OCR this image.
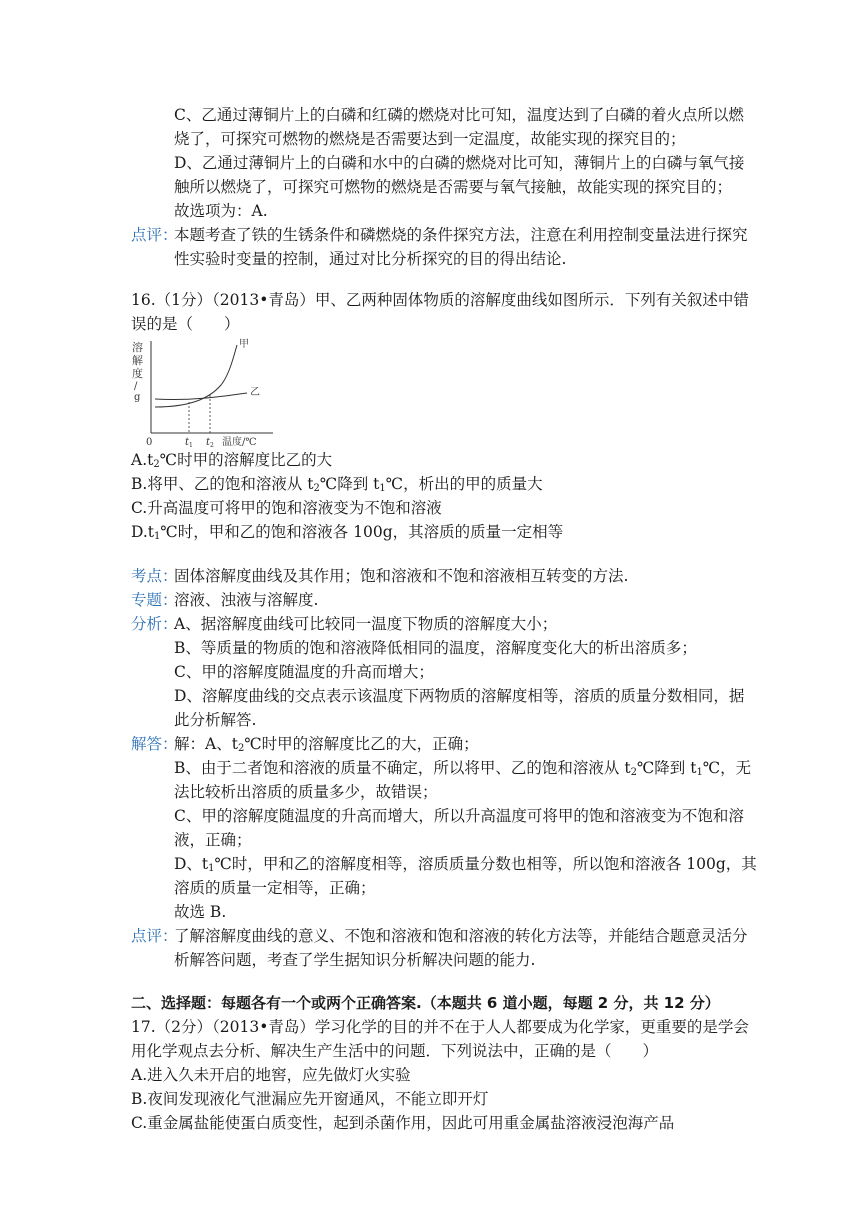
C、乙通过薄铜片上的白磷和红磷的燃烧对比可知，温度达到了白磷的着火点所以燃
烧了，可探究可燃物的燃烧是否需要达到一定温度，故能实现的探究目的；
D、乙通过薄铜片上的白磷和水中的白磷的燃烧对比可知，薄铜片上的白磷与氧气接
触所以燃烧了，可探究可燃物的燃烧是否需要与氧气接触，故能实现的探究目的；
故选项为：A.
点评：
本题考查了铁的生锈条件和磷燃烧的条件探究方法，注意在利用控制变量法进行探究
性实验时变量的控制，通过对比分析探究的目的得出结论.
16.（1分）（2013•青岛）甲、乙两种固体物质的溶解度曲线如图所示．下列有关叙述中错
误的是（　　）
溶
解
度
/
g
甲
乙
0	t 1 t 2 温度/℃
$A.t_2℃$时甲的溶解度比乙的大
B.将甲、乙的饱和溶液从 $t_2℃$降到 $t_1℃$，析出的甲的质量大
C.升高温度可将甲的饱和溶液变为不饱和溶液
$D.t_1℃$时，甲和乙的饱和溶液各 100g，其溶质的质量一定相等
考点：
固体溶解度曲线及其作用；饱和溶液和不饱和溶液相互转变的方法.
专题：
溶液、浊液与溶解度.
分析：
A、据溶解度曲线可比较同一温度下物质的溶解度大小；
B、等质量的物质的饱和溶液降低相同的温度，溶解度变化大的析出溶质多；
C、甲的溶解度随温度的升高而增大；
D、溶解度曲线的交点表示该温度下两物质的溶解度相等，溶质的质量分数相同，据
此分析解答.
解答：
解：A、$t_2℃$时甲的溶解度比乙的大，正确；
B、由于二者饱和溶液的质量不确定，所以将甲、乙的饱和溶液从 $t_2℃$降到 $t_1℃$，无
法比较析出溶质的质量多少，故错误；
C、甲的溶解度随温度的升高而增大，所以升高温度可将甲的饱和溶液变为不饱和溶
液，正确；
D、$t_1℃$时，甲和乙的溶解度相等，溶质质量分数也相等，所以饱和溶液各 100g，其
溶质的质量一定相等，正确；
故选 B.
点评：
了解溶解度曲线的意义、不饱和溶液和饱和溶液的转化方法等，并能结合题意灵活分
析解答问题，考查了学生据知识分析解决问题的能力.
二、选择题：每题各有一个或两个正确答案.（本题共 6 道小题，每题 2 分，共 12 分）
17.（2分）（2013•青岛）学习化学的目的并不在于人人都要成为化学家，更重要的是学会
用化学观点去分析、解决生产生活中的问题．下列说法中，正确的是（　　）
A.进入久未开启的地窖，应先做灯火实验
B.夜间发现液化气泄漏应先开窗通风，不能立即开灯
C.重金属盐能使蛋白质变性，起到杀菌作用，因此可用重金属盐溶液浸泡海产品
